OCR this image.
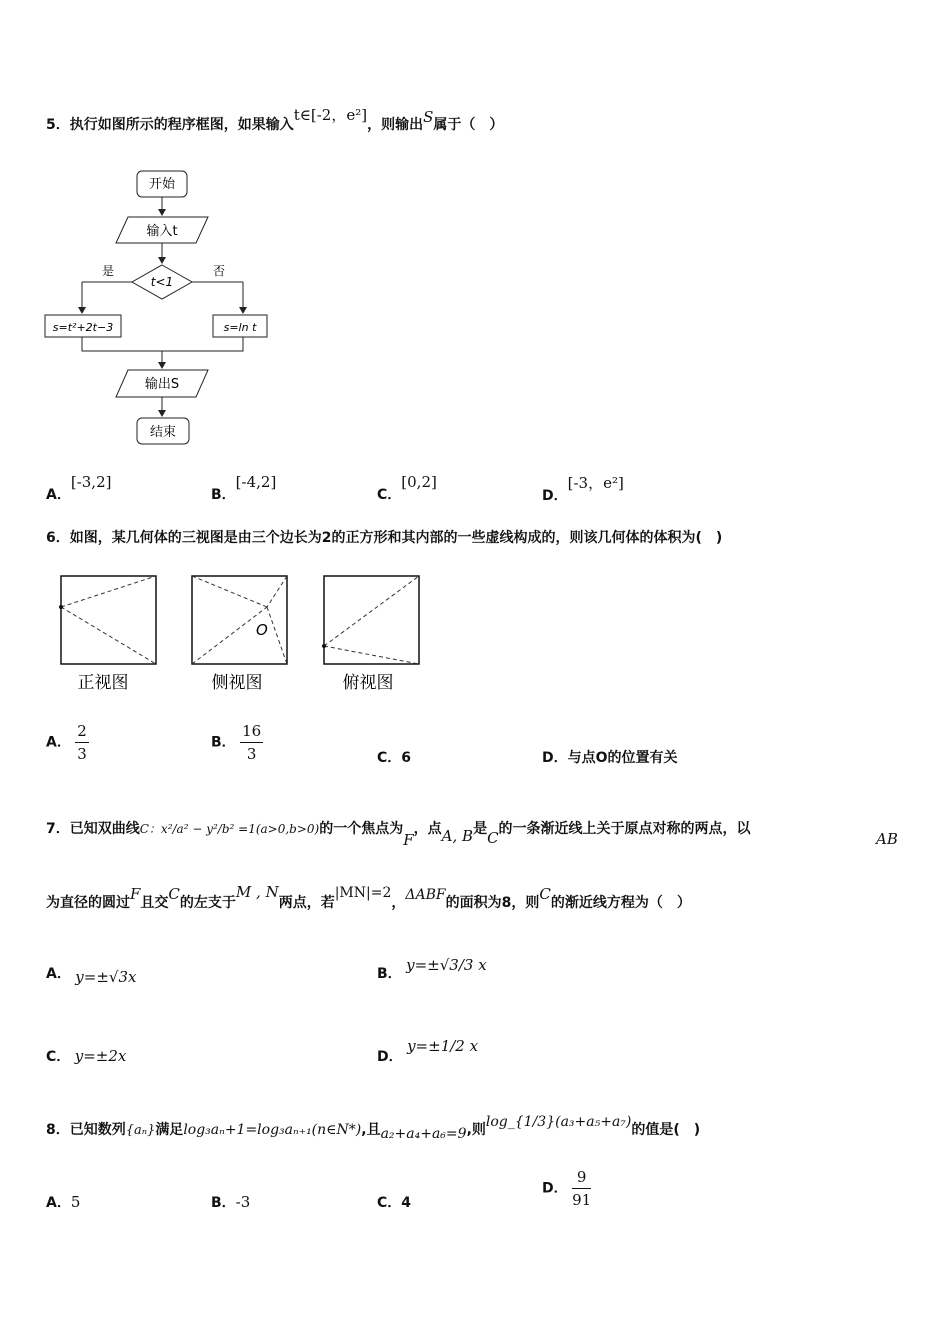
5．执行如图所示的程序框图，如果输入t∈[-2，e²]，则输出S属于（　）
开始
输入t
t<1
是	否
s=t²+2t−3	s=ln t
输出S
结束
A．[-3,2]
B．[-4,2]
C．[0,2]
D．[-3，e²]
6．如图，某几何体的三视图是由三个边长为2的正方形和其内部的一些虚线构成的，则该几何体的体积为(　)
正视图
O
侧视图	俯视图
A． $\frac{2}{3}$	B． $\frac{16}{3}$	C．6	D．与点O的位置有关
7．已知双曲线C：x²/a² − y²/b² =1(a>0,b>0)的一个焦点为F，点A, B是C的一条渐近线上关于原点对称的两点，以
AB
为直径的圆过F且交C的左支于M , N两点，若|MN|=2，ΔABF的面积为8，则C的渐近线方程为（　）
A． y=±√3x	B． y=±√3/3 x
C． y=±2x	D． y=±1/2 x
8．已知数列{aₙ}满足log₃aₙ+1=log₃aₙ₊₁(n∈N*),且a₂+a₄+a₆=9,则log_{1/3}(a₃+a₅+a₇)的值是(　)
A．5	B．-3	C．4
D． $\frac{9}{91}$
